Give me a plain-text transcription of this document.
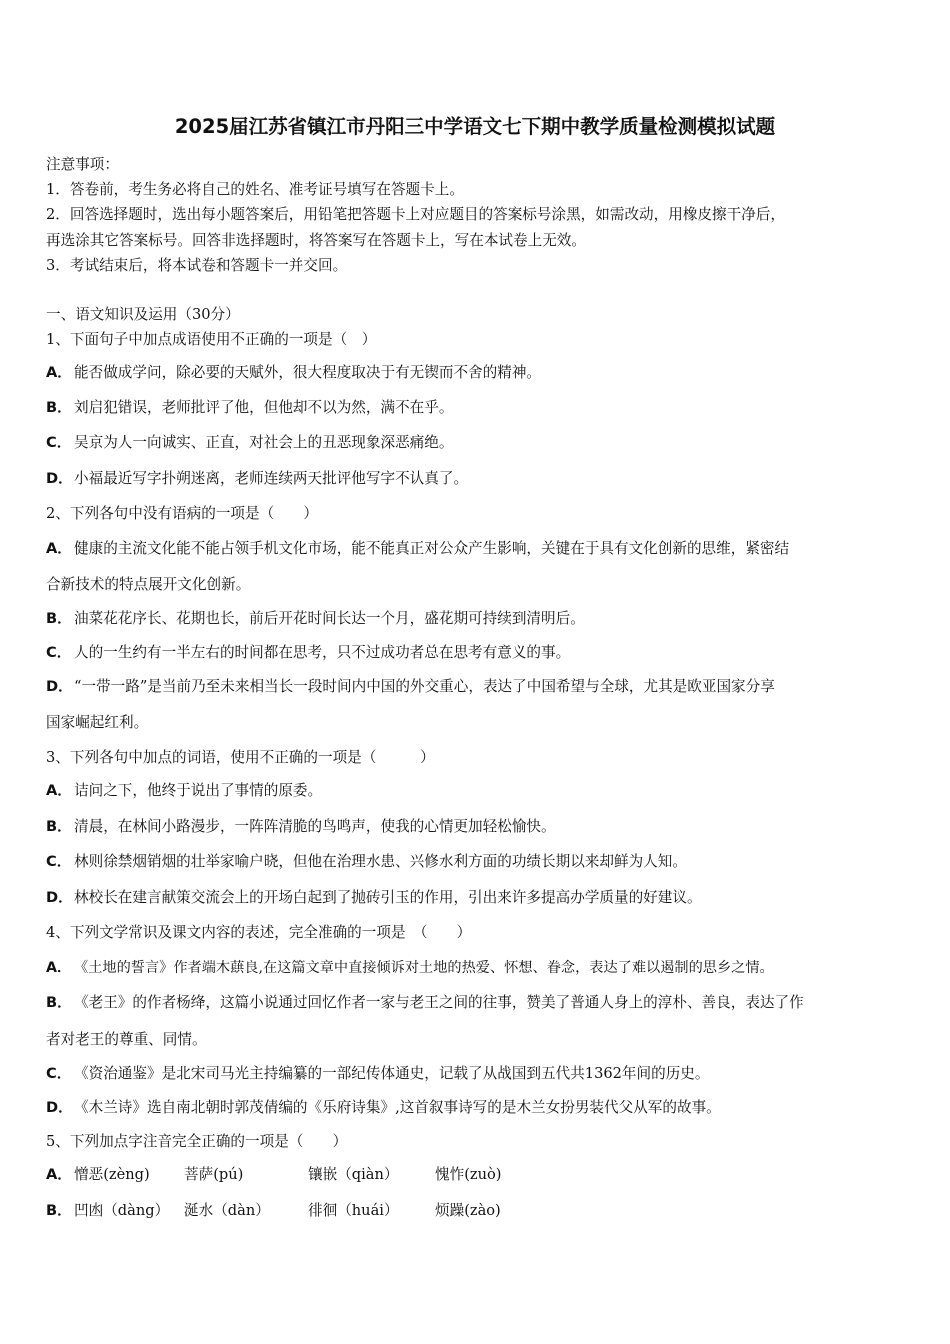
2025届江苏省镇江市丹阳三中学语文七下期中教学质量检测模拟试题
注意事项：
1．答卷前，考生务必将自己的姓名、准考证号填写在答题卡上。
2．回答选择题时，选出每小题答案后，用铅笔把答题卡上对应题目的答案标号涂黑，如需改动，用橡皮擦干净后，
再选涂其它答案标号。回答非选择题时，将答案写在答题卡上，写在本试卷上无效。
3．考试结束后，将本试卷和答题卡一并交回。
一、语文知识及运用（30分）
1、下面句子中加点成语使用不正确的一项是（　）
A． 能否做成学问，除必要的天赋外，很大程度取决于有无锲而不舍的精神。
B． 刘启犯错误，老师批评了他，但他却不以为然，满不在乎。
C． 吴京为人一向诚实、正直，对社会上的丑恶现象深恶痛绝。
D．小福最近写字扑朔迷离，老师连续两天批评他写字不认真了。
2、下列各句中没有语病的一项是（　　）
A． 健康的主流文化能不能占领手机文化市场，能不能真正对公众产生影响，关键在于具有文化创新的思维，紧密结
合新技术的特点展开文化创新。
B． 油菜花花序长、花期也长，前后开花时间长达一个月，盛花期可持续到清明后。
C． 人的一生约有一半左右的时间都在思考，只不过成功者总在思考有意义的事。
D．“一带一路”是当前乃至未来相当长一段时间内中国的外交重心，表达了中国希望与全球，尤其是欧亚国家分享
国家崛起红利。
3、下列各句中加点的词语，使用不正确的一项是（　　　）
A． 诘问之下，他终于说出了事情的原委。
B． 清晨，在林间小路漫步，一阵阵清脆的鸟鸣声，使我的心情更加轻松愉快。
C． 林则徐禁烟销烟的壮举家喻户晓，但他在治理水患、兴修水利方面的功绩长期以来却鲜为人知。
D．林校长在建言献策交流会上的开场白起到了抛砖引玉的作用，引出来许多提高办学质量的好建议。
4、下列文学常识及课文内容的表述，完全准确的一项是　（　　）
A． 《土地的誓言》作者端木蕻良,在这篇文章中直接倾诉对土地的热爱、怀想、眷念，表达了难以遏制的思乡之情。
B． 《老王》的作者杨绛，这篇小说通过回忆作者一家与老王之间的往事，赞美了普通人身上的淳朴、善良，表达了作
者对老王的尊重、同情。
C． 《资治通鉴》是北宋司马光主持编纂的一部纪传体通史，记载了从战国到五代共1362年间的历史。
D．《木兰诗》选自南北朝时郭茂倩编的《乐府诗集》,这首叙事诗写的是木兰女扮男装代父从军的故事。
5、下列加点字注音完全正确的一项是（　　）
A． 憎恶(zèng) 菩萨(pú)	镶嵌（qiàn）	愧怍(zuò)
B． 凹凼（dàng） 涎水（dàn）	徘徊（huái） 烦躁(zào)
